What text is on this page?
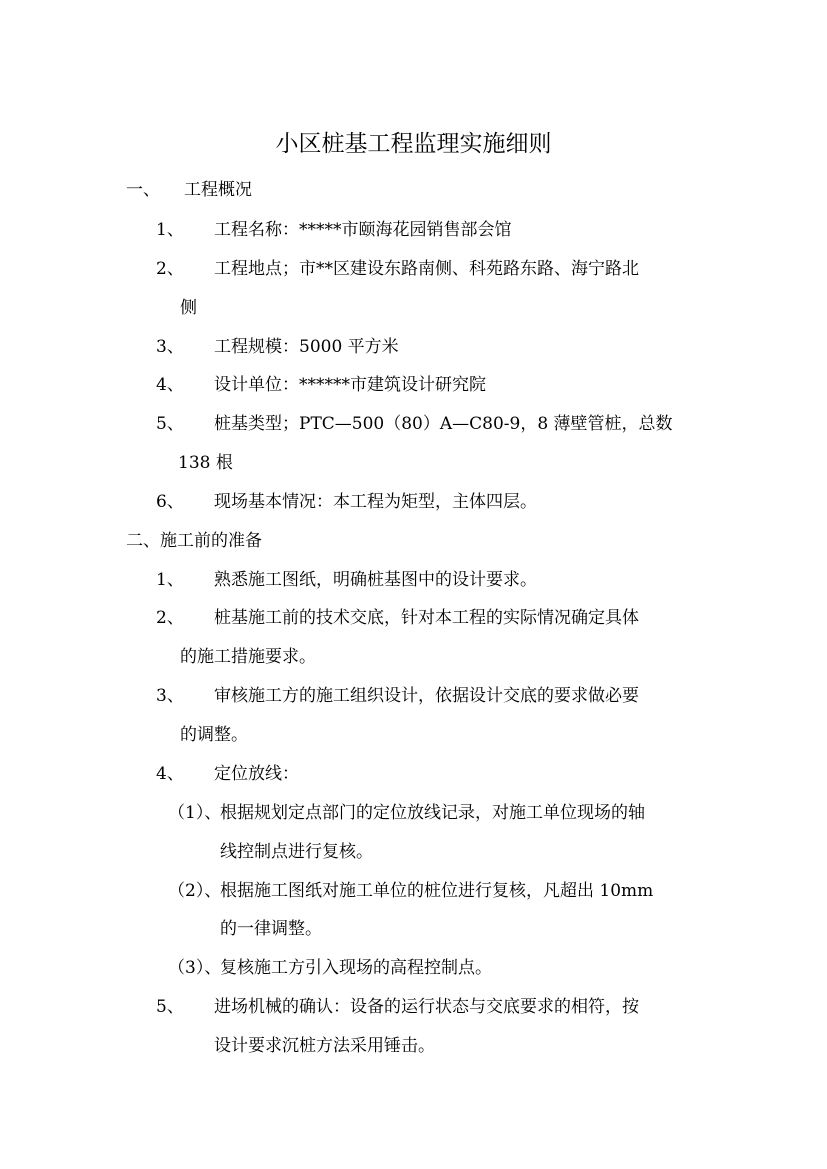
小区桩基工程监理实施细则
一、 工程概况
1、 工程名称：*****市颐海花园销售部会馆
2、 工程地点；市**区建设东路南侧、科苑路东路、海宁路北
侧
3、 工程规模：5000 平方米
4、 设计单位：******市建筑设计研究院
5、 桩基类型；PTC—500（80）A—C80-9，8 薄壁管桩，总数
138 根
6、 现场基本情况：本工程为矩型，主体四层。
二、施工前的准备
1、 熟悉施工图纸，明确桩基图中的设计要求。
2、 桩基施工前的技术交底，针对本工程的实际情况确定具体
的施工措施要求。
3、 审核施工方的施工组织设计，依据设计交底的要求做必要
的调整。
4、 定位放线：
（1）、
根据规划定点部门的定位放线记录，对施工单位现场的轴
线控制点进行复核。
（2）、
根据施工图纸对施工单位的桩位进行复核，凡超出 10mm
的一律调整。
（3）、
复核施工方引入现场的高程控制点。
5、 进场机械的确认：设备的运行状态与交底要求的相符，按
设计要求沉桩方法采用锤击。
